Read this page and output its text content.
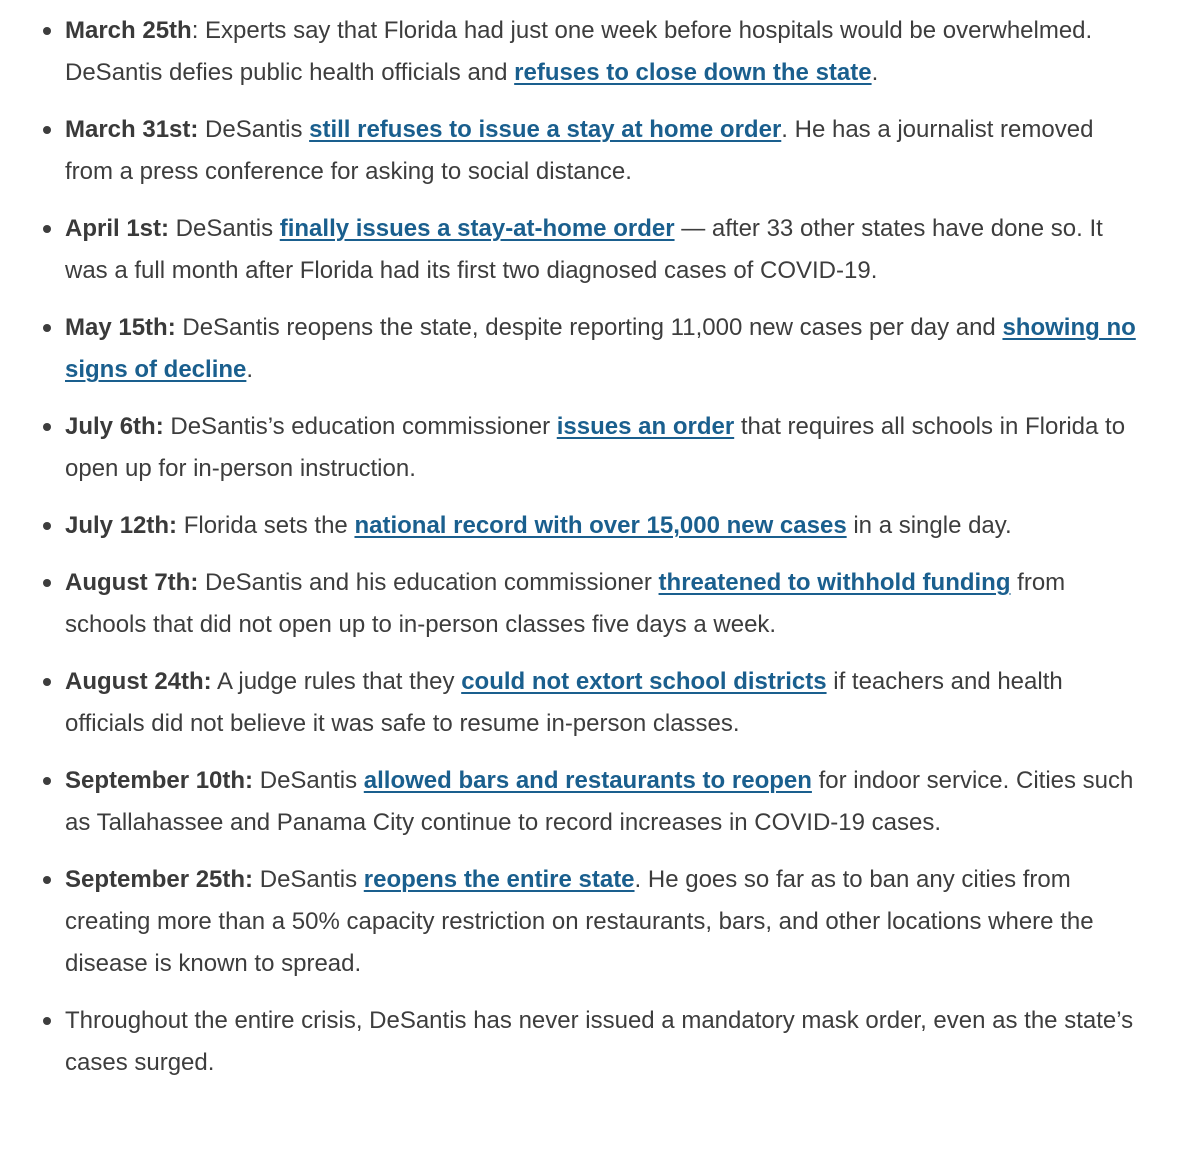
March 25th: Experts say that Florida had just one week before hospitals would be overwhelmed. DeSantis defies public health officials and refuses to close down the state.
March 31st: DeSantis still refuses to issue a stay at home order. He has a journalist removed from a press conference for asking to social distance.
April 1st: DeSantis finally issues a stay-at-home order — after 33 other states have done so. It was a full month after Florida had its first two diagnosed cases of COVID-19.
May 15th: DeSantis reopens the state, despite reporting 11,000 new cases per day and showing no signs of decline.
July 6th: DeSantis’s education commissioner issues an order that requires all schools in Florida to open up for in-person instruction.
July 12th: Florida sets the national record with over 15,000 new cases in a single day.
August 7th: DeSantis and his education commissioner threatened to withhold funding from schools that did not open up to in-person classes five days a week.
August 24th: A judge rules that they could not extort school districts if teachers and health officials did not believe it was safe to resume in-person classes.
September 10th: DeSantis allowed bars and restaurants to reopen for indoor service. Cities such as Tallahassee and Panama City continue to record increases in COVID-19 cases.
September 25th: DeSantis reopens the entire state. He goes so far as to ban any cities from creating more than a 50% capacity restriction on restaurants, bars, and other locations where the disease is known to spread.
Throughout the entire crisis, DeSantis has never issued a mandatory mask order, even as the state’s cases surged.
